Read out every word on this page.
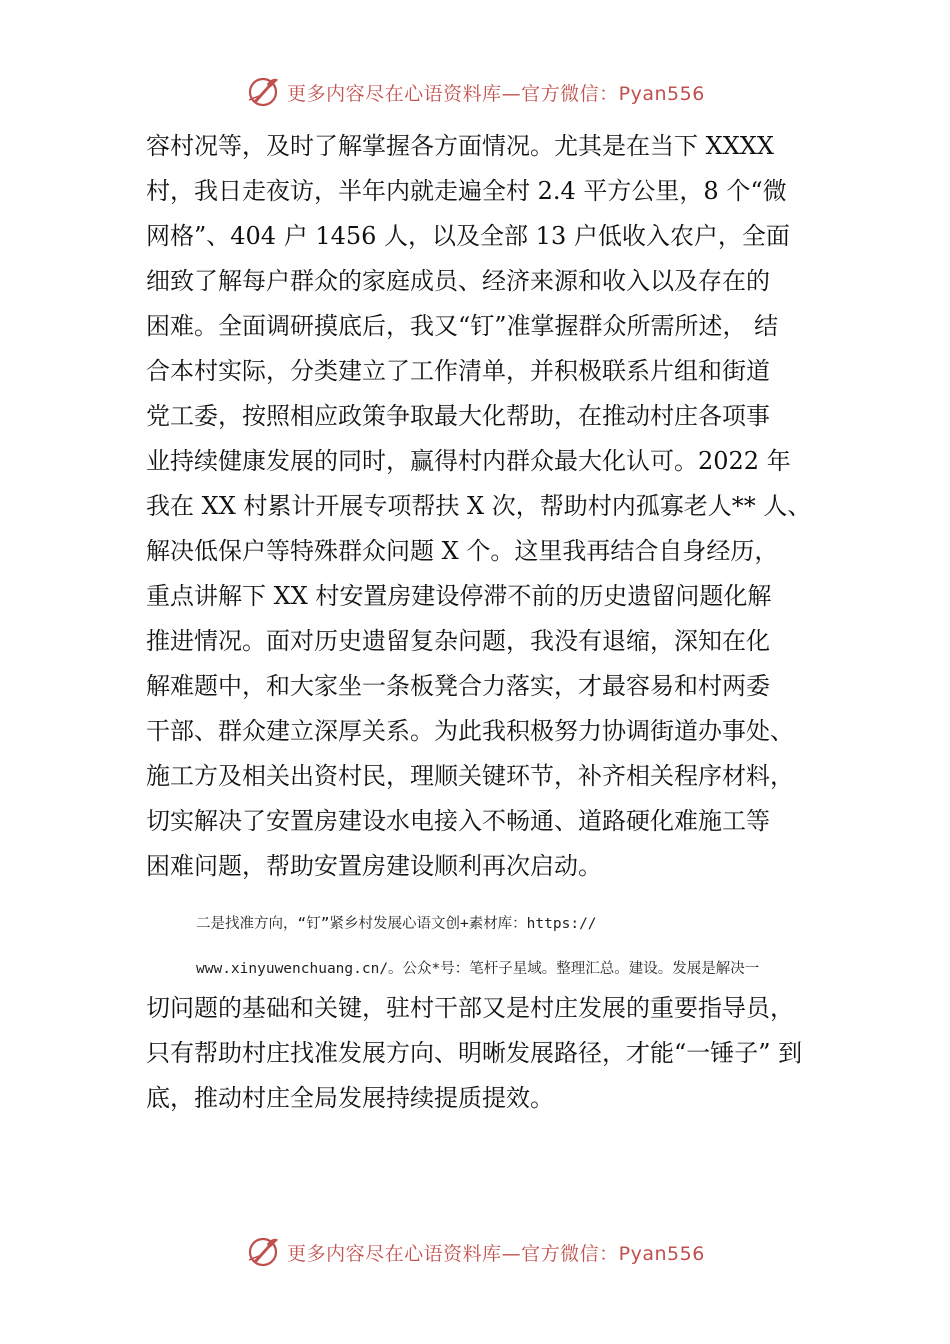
更多内容尽在心语资料库—官方微信：Pyan556
容村况等，及时了解掌握各方面情况。尤其是在当下 XXXX
村，我日走夜访，半年内就走遍全村 2.4 平方公里，8 个“微
网格”、404 户 1456 人，以及全部 13 户低收入农户，全面
细致了解每户群众的家庭成员、经济来源和收入以及存在的
困难。全面调研摸底后，我又“钉”准掌握群众所需所述， 结
合本村实际，分类建立了工作清单，并积极联系片组和街道
党工委，按照相应政策争取最大化帮助，在推动村庄各项事
业持续健康发展的同时，赢得村内群众最大化认可。2022 年
我在 XX 村累计开展专项帮扶 X 次，帮助村内孤寡老人** 人、
解决低保户等特殊群众问题 X 个。这里我再结合自身经历，
重点讲解下 XX 村安置房建设停滞不前的历史遗留问题化解
推进情况。面对历史遗留复杂问题，我没有退缩，深知在化
解难题中，和大家坐一条板凳合力落实，才最容易和村两委
干部、群众建立深厚关系。为此我积极努力协调街道办事处、
施工方及相关出资村民，理顺关键环节，补齐相关程序材料，
切实解决了安置房建设水电接入不畅通、道路硬化难施工等
困难问题，帮助安置房建设顺利再次启动。
二是找准方向，“钉”紧乡村发展心语文创+素材库：https://
www.xinyuwenchuang.cn/。公众*号：笔杆子星域。整理汇总。建设。发展是解决一
切问题的基础和关键，驻村干部又是村庄发展的重要指导员，
只有帮助村庄找准发展方向、明晰发展路径，才能“一锤子” 到
底，推动村庄全局发展持续提质提效。
更多内容尽在心语资料库—官方微信：Pyan556
